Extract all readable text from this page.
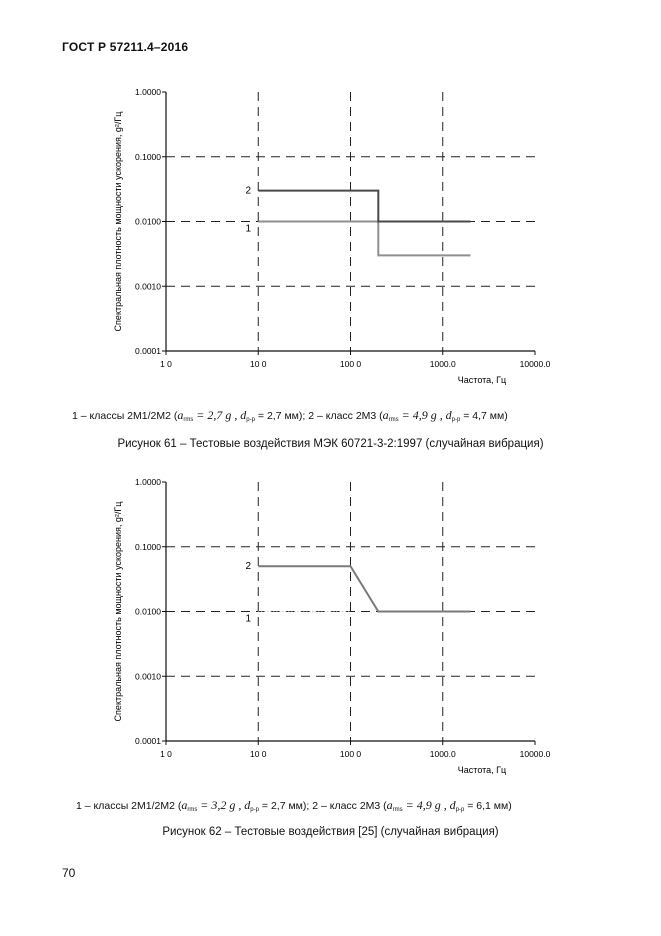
ГОСТ Р 57211.4–2016
1.0000
0.1000
0.0100
0.0010
0.0001
1 0	10 0	100 0	1000.0	10000.0
Частота, Гц
Спектральная плотность мощности ускорения, g²/Гц	1
2
1 – классы 2М1/2М2 ($a_{rms} = 2,7$ g , $d_{p-p} = 2,7$ мм); 2 – класс 2М3 ($a_{rms} = 4,9$ g , $d_{p-p} = 4,7$ мм)
Рисунок 61 – Тестовые воздействия МЭК 60721-3-2:1997 (случайная вибрация)
1.0000
0.1000
0.0100
0.0010
0.0001
1 0	10 0	100 0	1000.0	10000.0
Частота, Гц
Спектральная плотность мощности ускорения, g²/Гц	1
2
1 – классы 2М1/2М2 ($a_{rms} = 3,2$ g , $d_{p-p} = 2,7$ мм); 2 – класс 2М3 ($a_{rms} = 4,9$ g , $d_{p-p} = 6,1$ мм)
Рисунок 62 – Тестовые воздействия [25] (случайная вибрация)
70
